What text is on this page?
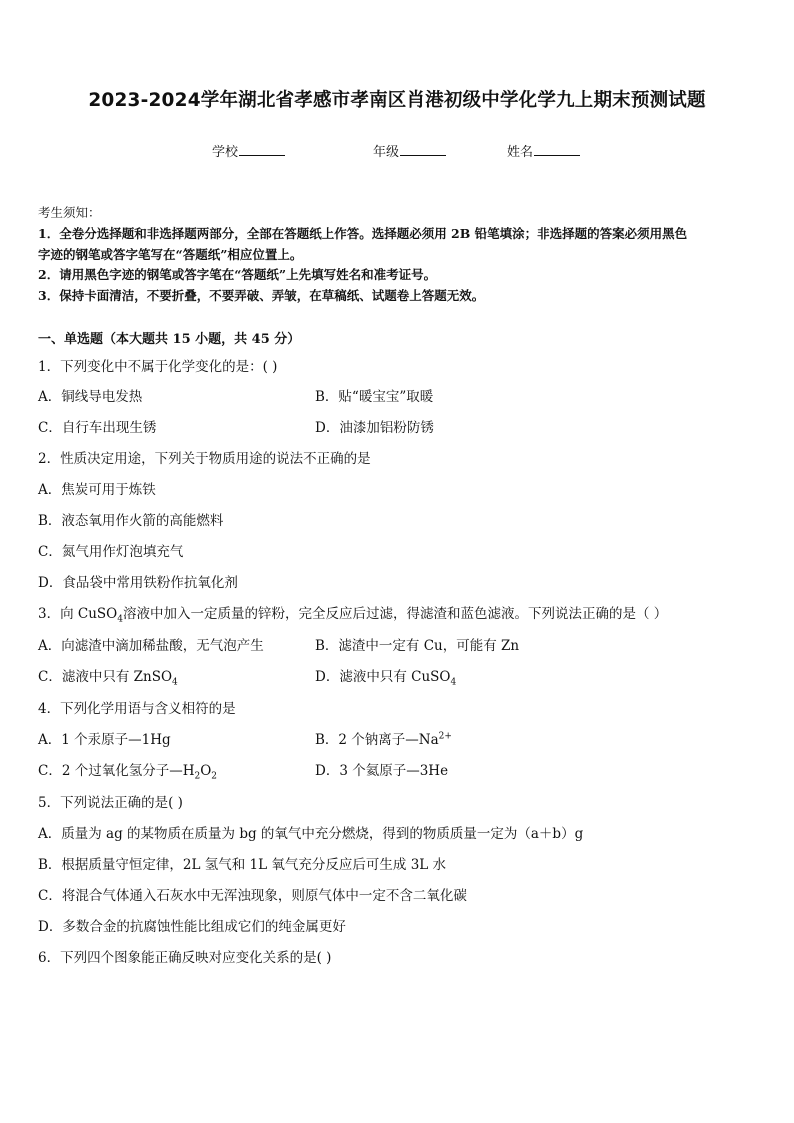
2023-2024学年湖北省孝感市孝南区肖港初级中学化学九上期末预测试题
学校	年级	姓名
考生须知：
1．全卷分选择题和非选择题两部分，全部在答题纸上作答。选择题必须用 2B 铅笔填涂；非选择题的答案必须用黑色
字迹的钢笔或答字笔写在“答题纸”相应位置上。
2．请用黑色字迹的钢笔或答字笔在“答题纸”上先填写姓名和准考证号。
3．保持卡面清洁，不要折叠，不要弄破、弄皱，在草稿纸、试题卷上答题无效。
一、单选题（本大题共 15 小题，共 45 分）
1．下列变化中不属于化学变化的是：( )
A．铜线导电发热	B．贴“暖宝宝”取暖
C．自行车出现生锈	D．油漆加铝粉防锈
2．性质决定用途，下列关于物质用途的说法不正确的是
A．焦炭可用于炼铁
B．液态氧用作火箭的高能燃料
C．氮气用作灯泡填充气
D．食品袋中常用铁粉作抗氧化剂
3．向 CuSO$_4$溶液中加入一定质量的锌粉，完全反应后过滤，得滤渣和蓝色滤液。下列说法正确的是（ ）
A．向滤渣中滴加稀盐酸，无气泡产生	B．滤渣中一定有 Cu，可能有 Zn
C．滤液中只有 ZnSO$_4$	D．滤液中只有 CuSO$_4$
4．下列化学用语与含义相符的是
A．1 个汞原子—1Hg	B．2 个钠离子$—Na^{2+}$
C．2 个过氧化氢分子$—H_2O_2$	D．3 个氦原子—3He
5．下列说法正确的是( )
A．质量为 ag 的某物质在质量为 bg 的氧气中充分燃烧，得到的物质质量一定为（a＋b）g
B．根据质量守恒定律，2L 氢气和 1L 氧气充分反应后可生成 3L 水
C．将混合气体通入石灰水中无浑浊现象，则原气体中一定不含二氧化碳
D．多数合金的抗腐蚀性能比组成它们的纯金属更好
6．下列四个图象能正确反映对应变化关系的是( )
